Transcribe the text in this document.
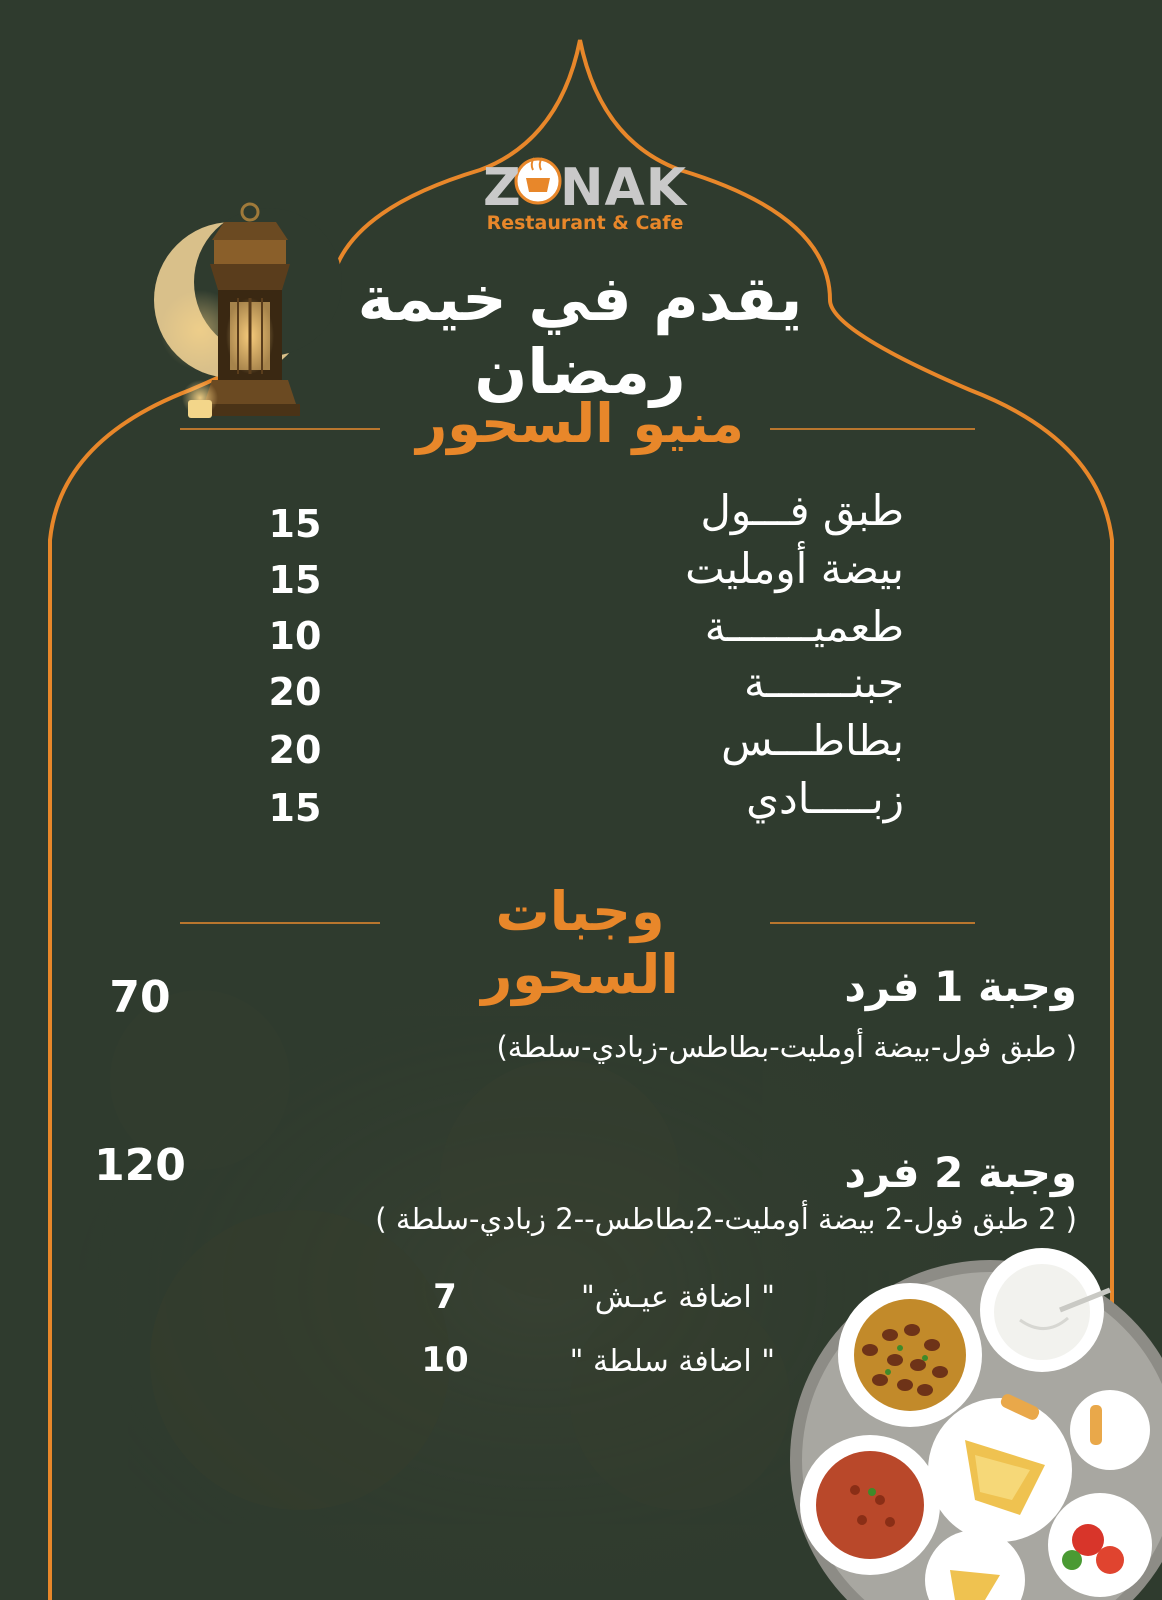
Z NAK
Restaurant & Cafe
يقدم في خيمة رمضان
منيو السحور
طبق فـــول
15
بيضة أومليت
15
طعميـــــــة
10
جبنـــــــة
20
بطاطـــس
20
زبـــــادي
15
وجبات السحور	وجبة 1 فرد
( طبق فول-بيضة أومليت-بطاطس-زبادي-سلطة)
70
وجبة 2 فرد
( 2 طبق فول-2 بيضة أومليت-2بطاطس--2 زبادي-سلطة )
120
" اضافة عيـش"
7
" اضافة سلطة "
10
